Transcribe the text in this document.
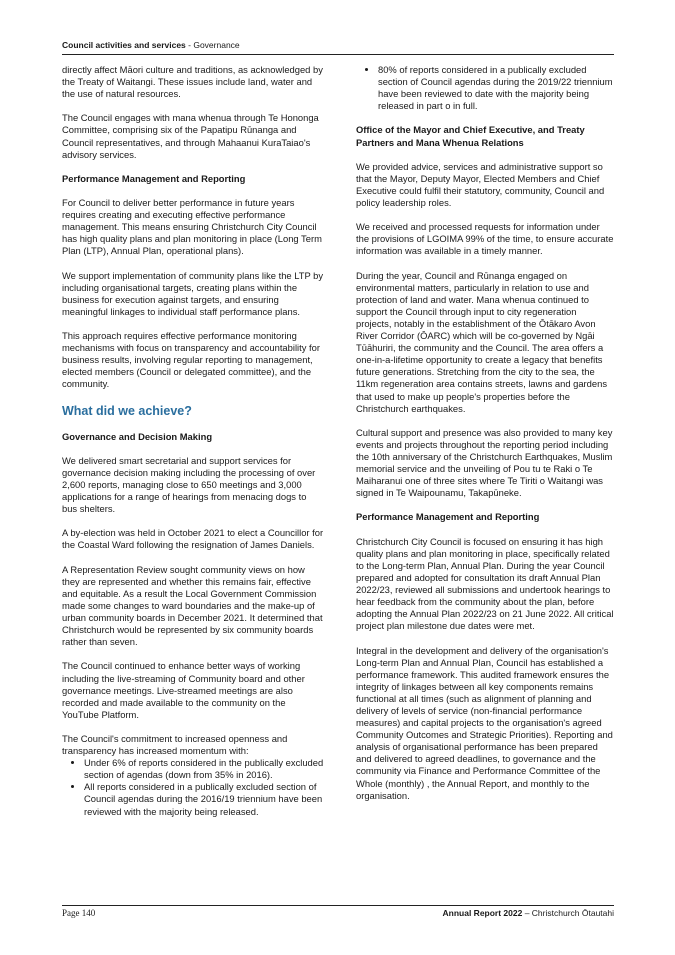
Council activities and services - Governance

directly affect Māori culture and traditions, as acknowledged by the Treaty of Waitangi. These issues include land, water and the use of natural resources.

The Council engages with mana whenua through Te Hononga Committee, comprising six of the Papatipu Rūnanga and Council representatives, and through Mahaanui KuraTaiao's advisory services.

Performance Management and Reporting

For Council to deliver better performance in future years requires creating and executing effective performance management. This means ensuring Christchurch City Council has high quality plans and plan monitoring in place (Long Term Plan (LTP), Annual Plan, operational plans).

We support implementation of community plans like the LTP by including organisational targets, creating plans within the business for execution against targets, and ensuring meaningful linkages to individual staff performance plans.

This approach requires effective performance monitoring mechanisms with focus on transparency and accountability for business results, involving regular reporting to management, elected members (Council or delegated committee), and the community.

What did we achieve?
Governance and Decision Making

We delivered smart secretarial and support services for governance decision making including the processing of over 2,600 reports, managing close to 650 meetings and 3,000 applications for a range of hearings from menacing dogs to bus shelters.

A by-election was held in October 2021 to elect a Councillor for the Coastal Ward following the resignation of James Daniels.

A Representation Review sought community views on how they are represented and whether this remains fair, effective and equitable. As a result the Local Government Commission made some changes to ward boundaries and the make-up of urban community boards in December 2021. It determined that Christchurch would be represented by six community boards rather than seven.

The Council continued to enhance better ways of working including the live-streaming of Community board and other governance meetings. Live-streamed meetings are also recorded and made available to the community on the YouTube Platform.

The Council's commitment to increased openness and transparency has increased momentum with:

• Under 6% of reports considered in the publically excluded section of agendas (down from 35% in 2016).
• All reports considered in a publically excluded section of Council agendas during the 2016/19 triennium have been reviewed with the majority being released.
• 80% of reports considered in a publically excluded section of Council agendas during the 2019/22 triennium have been reviewed to date with the majority being released in part o in full.
Office of the Mayor and Chief Executive, and Treaty Partners and Mana Whenua Relations

We provided advice, services and administrative support so that the Mayor, Deputy Mayor, Elected Members and Chief Executive could fulfil their statutory, community, Council and policy leadership roles.

We received and processed requests for information under the provisions of LGOIMA 99% of the time, to ensure accurate information was available in a timely manner.

During the year, Council and Rūnanga engaged on environmental matters, particularly in relation to use and protection of land and water. Mana whenua continued to support the Council through input to city regeneration projects, notably in the establishment of the Ōtākaro Avon River Corridor (ŌARC) which will be co-governed by Ngāi Tūāhuriri, the community and the Council. The area offers a one-in-a-lifetime opportunity to create a legacy that benefits future generations. Stretching from the city to the sea, the 11km regeneration area contains streets, lawns and gardens that used to make up people's properties before the Christchurch earthquakes.

Cultural support and presence was also provided to many key events and projects throughout the reporting period including the 10th anniversary of the Christchurch Earthquakes, Muslim memorial service and the unveiling of Pou tu te Raki o Te Maiharanui one of three sites where Te Tiriti o Waitangi was signed in Te Waipounamu, Takapūneke.

Performance Management and Reporting

Christchurch City Council is focused on ensuring it has high quality plans and plan monitoring in place, specifically related to the Long-term Plan, Annual Plan. During the year Council prepared and adopted for consultation its draft Annual Plan 2022/23, reviewed all submissions and undertook hearings to hear feedback from the community about the plan, before adopting the Annual Plan 2022/23 on 21 June 2022. All critical project plan milestone due dates were met.

Integral in the development and delivery of the organisation's Long-term Plan and Annual Plan, Council has established a performance framework. This audited framework ensures the integrity of linkages between all key components remains functional at all times (such as alignment of planning and delivery of levels of service (non-financial performance measures) and capital projects to the organisation's agreed Community Outcomes and Strategic Priorities). Reporting and analysis of organisational performance has been prepared and delivered to agreed deadlines, to governance and the community via Finance and Performance Committee of the Whole (monthly) , the Annual Report, and monthly to the organisation.

Page 140	Annual Report 2022 – Christchurch Ōtautahi
